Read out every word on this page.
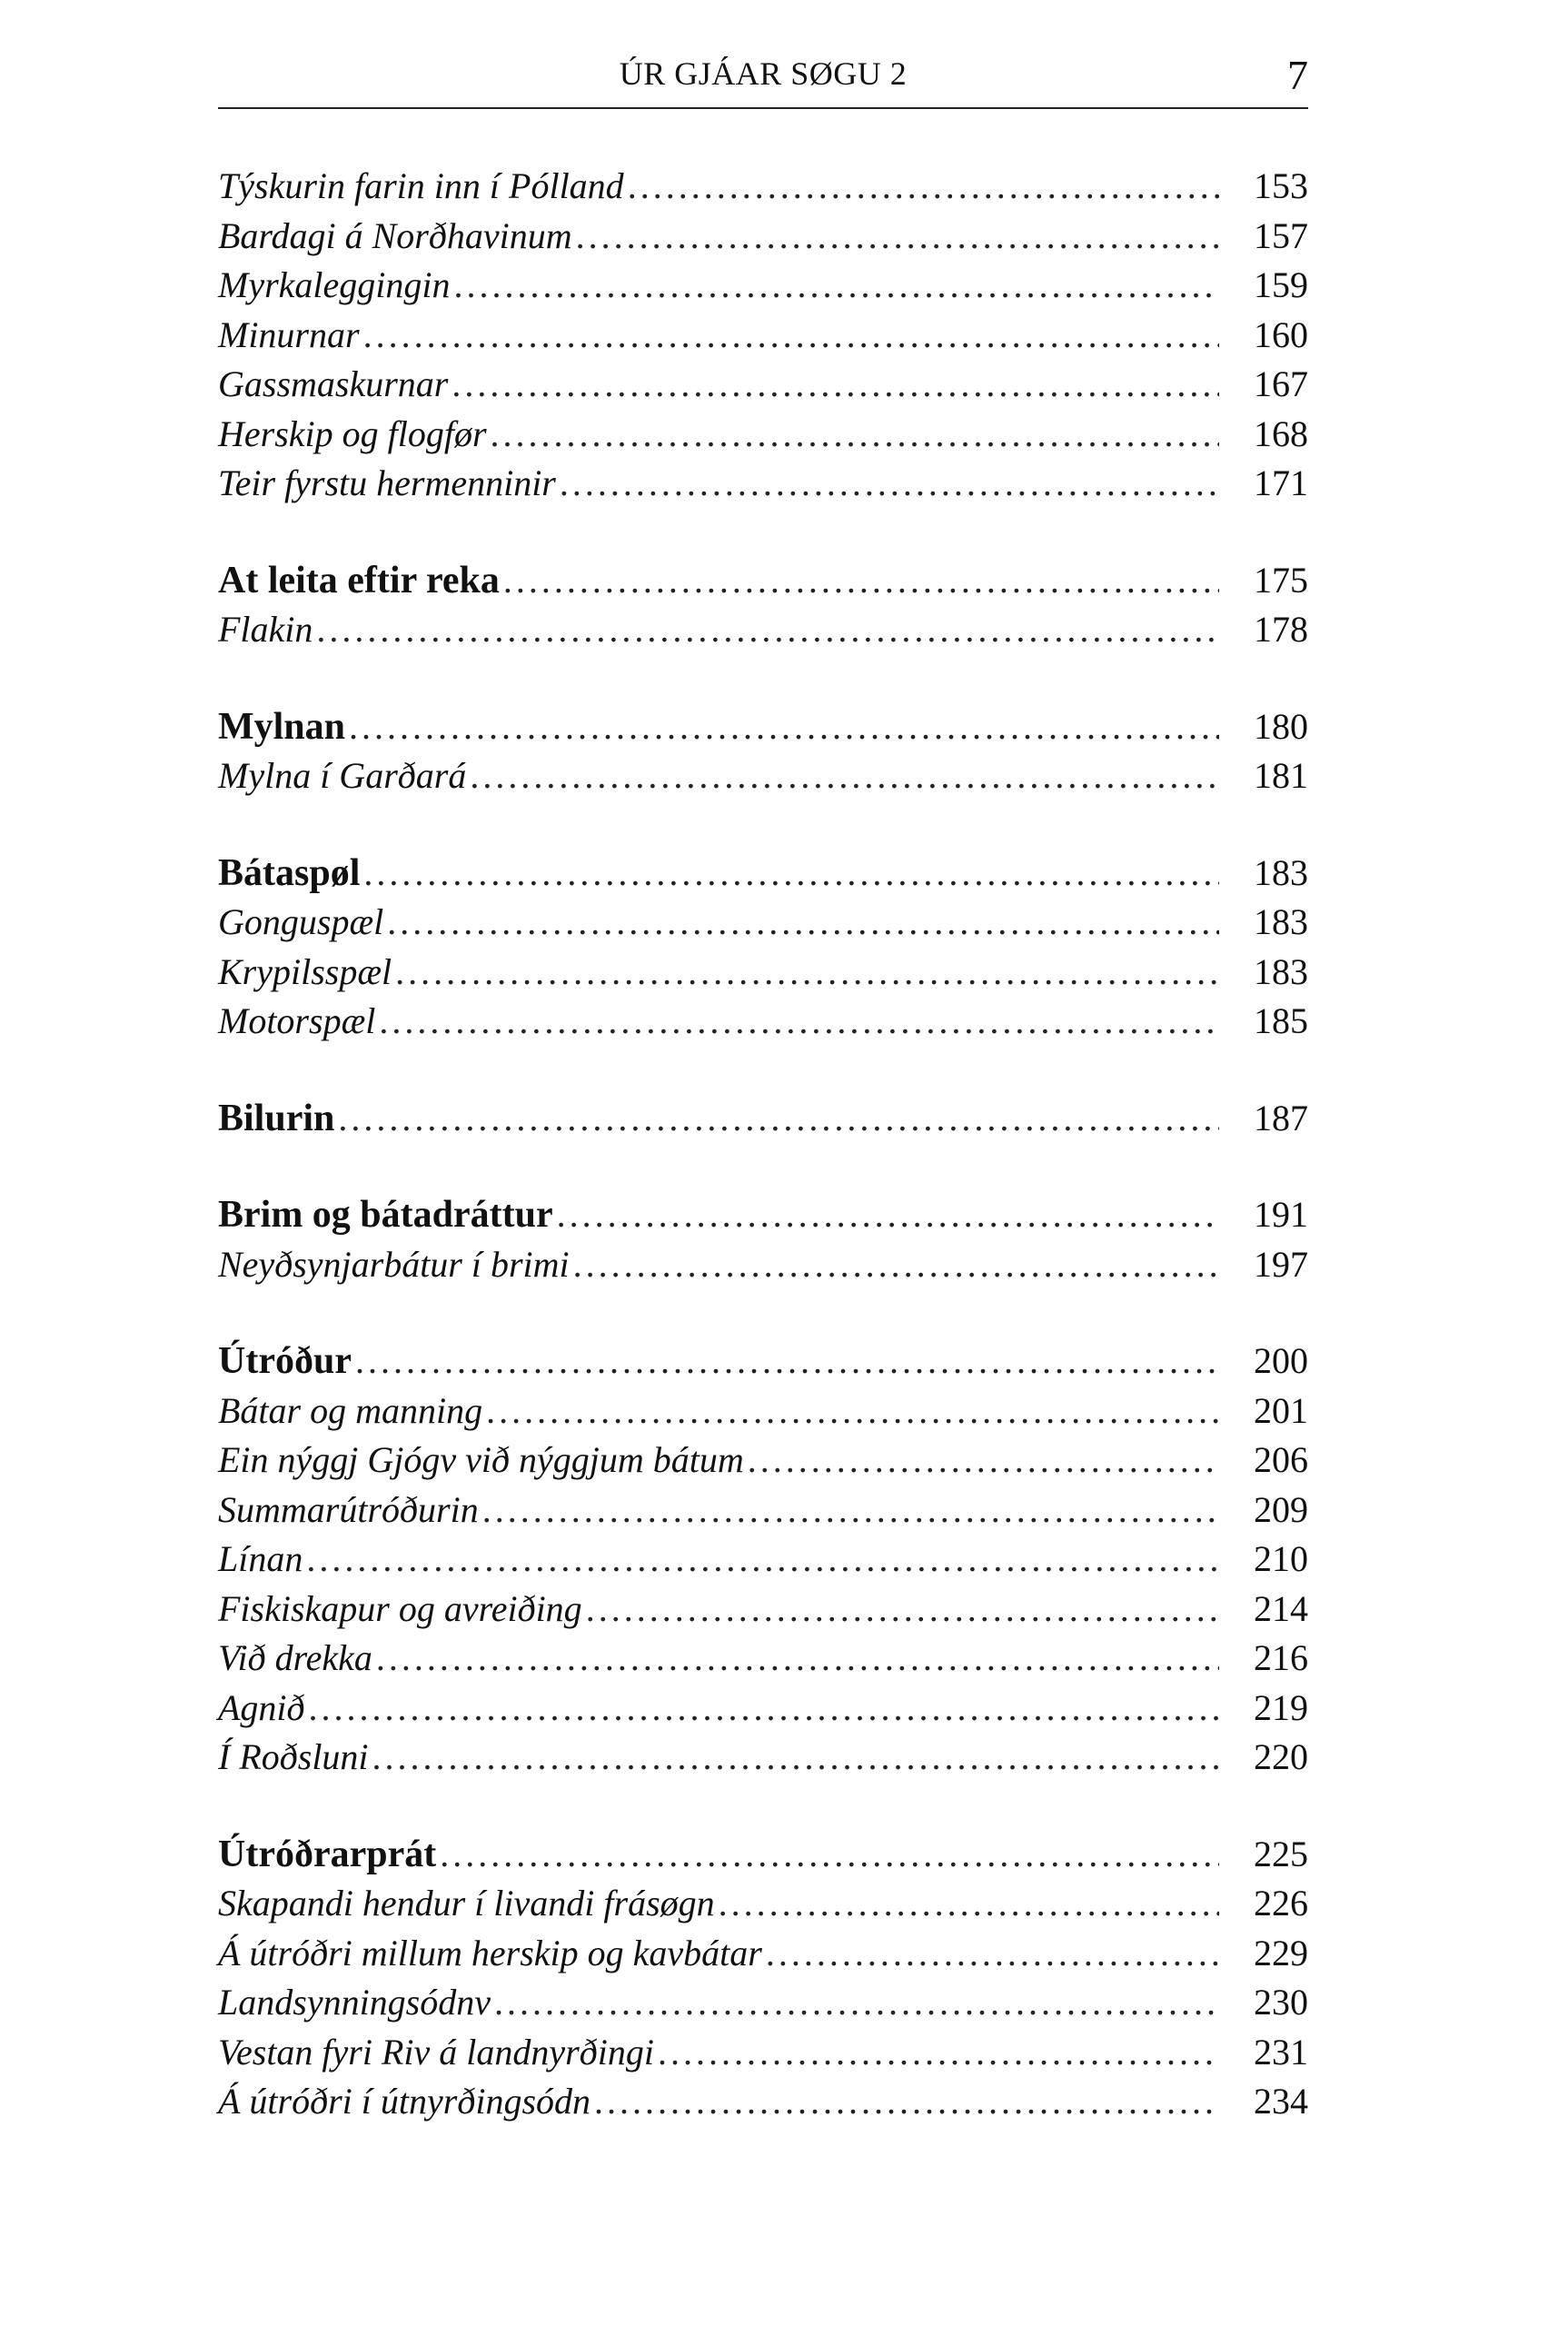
ÚR GJÁAR SØGU 2	7
Týskurin farin inn í Pólland . . .	153
Bardagi á Norðhavinum . . .	157
Myrkaleggingin . . .	159
Minurnar . . .	160
Gassmaskurnar . . .	167
Herskip og flogfør . . .	168
Teir fyrstu hermenninir . . .	171
At leita eftir reka . . .	175
Flakin . . .	178
Mylnan . . .	180
Mylna í Garðará . . .	181
Bátaspøl . . .	183
Gonguspæl . . .	183
Krypilsspæl . . .	183
Motorspæl . . .	185
Bilurin . . .	187
Brim og bátadráttur . . .	191
Neyðsynjarbátur í brimi . . .	197
Útróður . . .	200
Bátar og manning . . .	201
Ein nýggj Gjógv við nýggjum bátum . . .	206
Summarútróðurin . . .	209
Línan . . .	210
Fiskiskapur og avreiðing . . .	214
Við drekka . . .	216
Agnið . . .	219
Í Roðsluni . . .	220
Útróðrarprát . . .	225
Skapandi hendur í livandi frásøgn . . .	226
Á útróðri millum herskip og kavbátar . . .	229
Landsynningsódnv . . .	230
Vestan fyri Riv á landnyrðingi . . .	231
Á útróðri í útnyrðingsódn . . .	234
